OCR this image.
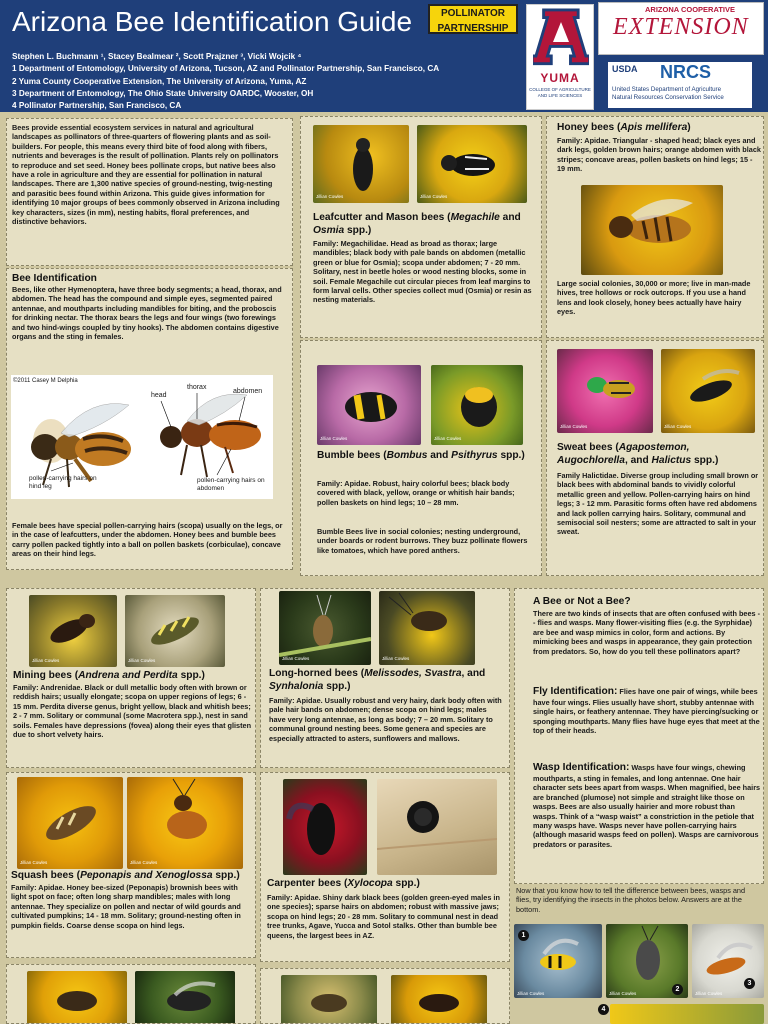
Arizona Bee Identification Guide
Stephen L. Buchmann ¹, Stacey Bealmear ², Scott Prajzner ³, Vicki Wojcik ⁴
1 Department of Entomology, University of Arizona, Tucson, AZ and Pollinator Partnership, San Francisco, CA
2 Yuma County Cooperative Extension, The University of Arizona, Yuma, AZ
3 Department of Entomology, The Ohio State University OARDC, Wooster, OH
4 Pollinator Partnership, San Francisco, CA
POLLINATOR
PARTNERSHIP
YUMA
COLLEGE OF AGRICULTURE AND LIFE SCIENCES
ARIZONA COOPERATIVE
EXTENSION
USDA NRCS
United States Department of Agriculture
Natural Resources Conservation Service
Bees provide essential ecosystem services in natural and agricultural landscapes as pollinators of three-quarters of flowering plants and as soil-builders. For people, this means every third bite of food along with fibers, nutrients and beverages is the result of pollination. Plants rely on pollinators to reproduce and set seed. Honey bees pollinate crops, but native bees also have a role in agriculture and they are essential for pollination in natural landscapes. There are 1,300 native species of ground-nesting, twig-nesting and parasitic bees found within Arizona. This guide gives information for identifying 10 major groups of bees commonly observed in Arizona including key characters, sizes (in mm), nesting habits, floral preferences, and distinctive behaviors.
Bee Identification
Bees, like other Hymenoptera, have three body segments; a head, thorax, and abdomen. The head has the compound and simple eyes, segmented paired antennae, and mouthparts including mandibles for biting, and the proboscis for drinking nectar. The thorax bears the legs and four wings (two forewings and two hind-wings coupled by tiny hooks). The abdomen contains digestive organs and the sting in females.
©2011 Casey M Delphia
head
thorax
abdomen
pollen-carrying hairs on hind leg
pollen-carrying hairs on abdomen
Female bees have special pollen-carrying hairs (scopa) usually on the legs, or in the case of leafcutters, under the abdomen. Honey bees and bumble bees carry pollen packed tightly into a ball on pollen baskets (corbiculae), concave areas on their hind legs.
Jillian Cowles	Jillian Cowles
Leafcutter and Mason bees (Megachile and Osmia spp.)
Family: Megachilidae. Head as broad as thorax; large mandibles; black body with pale bands on abdomen (metallic green or blue for Osmia); scopa under abdomen; 7 - 20 mm. Solitary, nest in beetle holes or wood nesting blocks, some in soil. Female Megachile cut circular pieces from leaf margins to form larval cells. Other species collect mud (Osmia) or resin as nesting materials.
Honey bees (Apis mellifera)
Family: Apidae. Triangular - shaped head; black eyes and dark legs, golden brown hairs; orange abdomen with black stripes; concave areas, pollen baskets on hind legs; 15 - 19 mm.
Large social colonies, 30,000 or more; live in man-made hives, tree hollows or rock outcrops. If you use a hand lens and look closely, honey bees actually have hairy eyes.
Jillian Cowles	Jillian Cowles
Bumble bees (Bombus and Psithyrus spp.)
Family: Apidae. Robust, hairy colorful bees; black body covered with black, yellow, orange or whitish hair bands; pollen baskets on hind legs; 10 – 28 mm.
Bumble Bees live in social colonies; nesting underground, under boards or rodent burrows. They buzz pollinate flowers like tomatoes, which have pored anthers.
Jillian Cowles	Jillian Cowles
Sweat bees (Agapostemon, Augochlorella, and Halictus spp.)
Family Halictidae. Diverse group including small brown or black bees with abdominal bands to vividly colorful metallic green and yellow. Pollen-carrying hairs on hind legs; 3 - 12 mm. Parasitic forms often have red abdomens and lack pollen carrying hairs. Solitary, communal and semisocial soil nesters; some are attracted to salt in your sweat.
Jillian Cowles	Jillian Cowles
Mining bees (Andrena and Perdita spp.)
Family: Andrenidae. Black or dull metallic body often with brown or reddish hairs; usually elongate; scopa on upper regions of legs; 6 - 15 mm. Perdita diverse genus, bright yellow, black and whitish bees; 2 - 7 mm. Solitary or communal (some Macrotera spp.), nest in sand soils. Females have depressions (fovea) along their eyes that glisten due to short velvety hairs.
Jillian Cowles	Jillian Cowles
Long-horned bees (Melissodes, Svastra, and Synhalonia spp.)
Family: Apidae. Usually robust and very hairy, dark body often with pale hair bands on abdomen; dense scopa on hind legs; males have very long antennae, as long as body; 7 – 20 mm. Solitary to communal ground nesting bees. Some genera and species are especially attracted to asters, sunflowers and mallows.
Jillian Cowles	Jillian Cowles
Squash bees (Peponapis and Xenoglossa spp.)
Family: Apidae. Honey bee-sized (Peponapis) brownish bees with light spot on face; often long sharp mandibles; males with long antennae. They specialize on pollen and nectar of wild gourds and cultivated pumpkins; 14 - 18 mm. Solitary; ground-nesting often in pumpkin fields. Coarse dense scopa on hind legs.
Carpenter bees (Xylocopa spp.)
Family: Apidae. Shiny dark black bees (golden green-eyed males in one species); sparse hairs on abdomen; robust with massive jaws; scopa on hind legs; 20 - 28 mm. Solitary to communal nest in dead tree trunks, Agave, Yucca and Sotol stalks. Other than bumble bee queens, the largest bees in AZ.
A Bee or Not a Bee?
There are two kinds of insects that are often confused with bees -- flies and wasps. Many flower-visiting flies (e.g. the Syrphidae) are bee and wasp mimics in color, form and actions. By mimicking bees and wasps in appearance, they gain protection from predators. So, how do you tell these pollinators apart?
Fly Identification: Flies have one pair of wings, while bees have four wings. Flies usually have short, stubby antennae with single hairs, or feathery antennae. They have piercing/sucking or sponging mouthparts. Many flies have huge eyes that meet at the top of their heads.
Wasp Identification: Wasps have four wings, chewing mouthparts, a sting in females, and long antennae. One hair character sets bees apart from wasps. When magnified, bee hairs are branched (plumose) not simple and straight like those on wasps. Bees are also usually hairier and more robust than wasps. Think of a “wasp waist” a constriction in the petiole that many wasps have. Wasps never have pollen-carrying hairs (although masarid wasps feed on pollen). Wasps are carnivorous predators or parasites.
Now that you know how to tell the difference between bees, wasps and flies, try identifying the insects in the photos below. Answers are at the bottom.
Jillian Cowles	Jillian Cowles	Jillian Cowles
1
2
3
4
